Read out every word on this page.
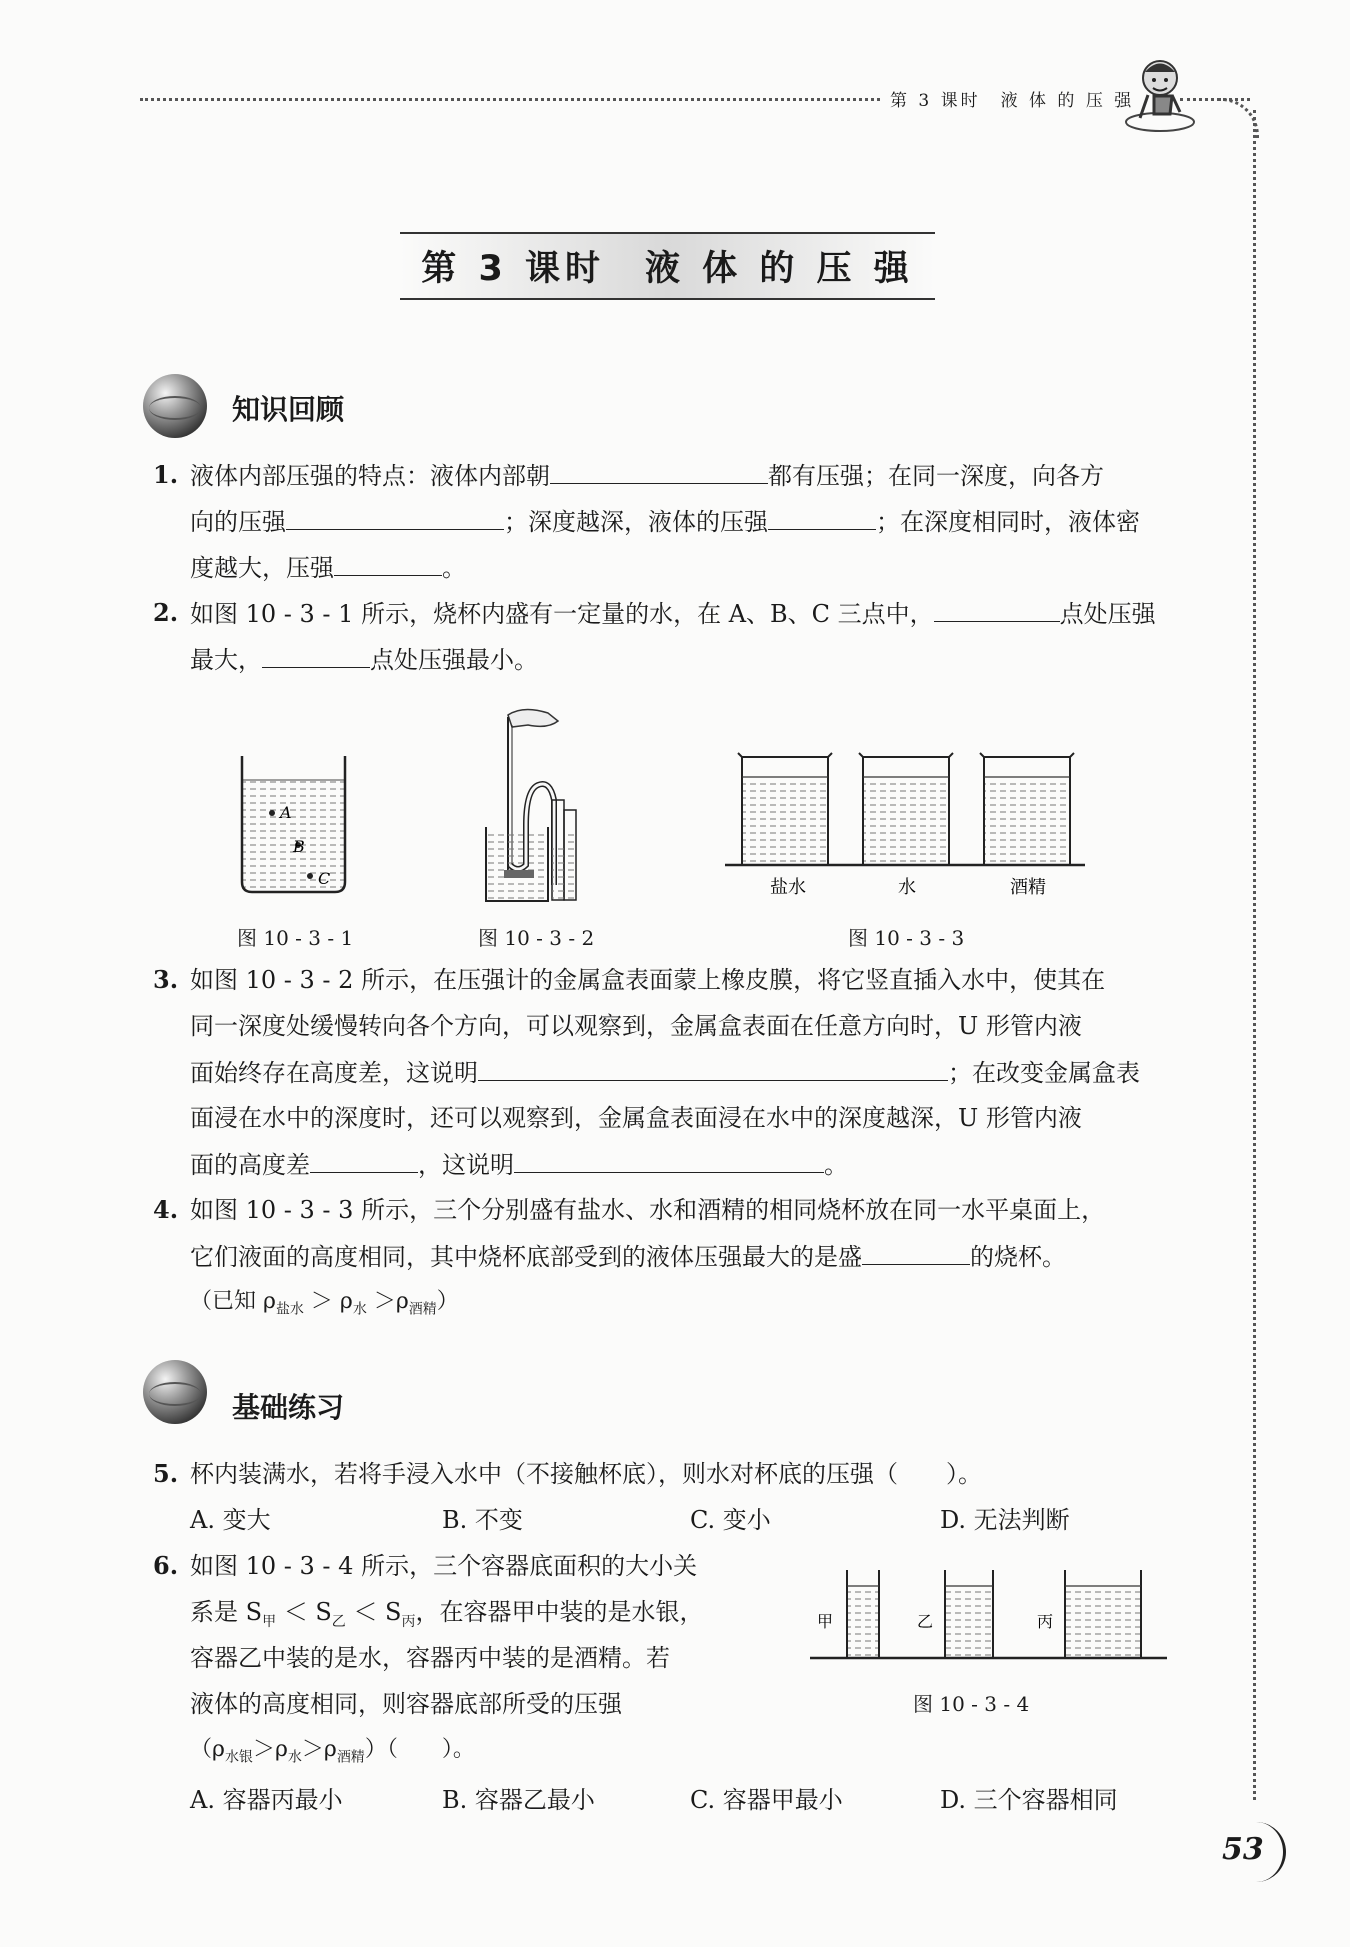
第 3 课时　液 体 的 压 强
第 3 课时　液 体 的 压 强
知识回顾
1. 液体内部压强的特点：液体内部朝	都有压强；在同一深度，向各方
向的压强	；深度越深，液体的压强	；在深度相同时，液体密
度越大，压强	。
2. 如图 10 - 3 - 1 所示，烧杯内盛有一定量的水，在 A、B、C 三点中，	点处压强
最大，	点处压强最小。
A
B
C
图 10 - 3 - 1	图 10 - 3 - 2
盐水	水	酒精
图 10 - 3 - 3
3. 如图 10 - 3 - 2 所示，在压强计的金属盒表面蒙上橡皮膜，将它竖直插入水中，使其在
同一深度处缓慢转向各个方向，可以观察到，金属盒表面在任意方向时，U 形管内液
面始终存在高度差，这说明	；在改变金属盒表
面浸在水中的深度时，还可以观察到，金属盒表面浸在水中的深度越深，U 形管内液
面的高度差	，这说明	。
4. 如图 10 - 3 - 3 所示，三个分别盛有盐水、水和酒精的相同烧杯放在同一水平桌面上，
它们液面的高度相同，其中烧杯底部受到的液体压强最大的是盛	的烧杯。
（已知 $\rho_{盐水} > \rho_水 >\rho_{酒精}$）
基础练习
5. 杯内装满水，若将手浸入水中（不接触杯底），则水对杯底的压强（　　）。
A. 变大	B. 不变	C. 变小	D. 无法判断
6. 如图 10 - 3 - 4 所示，三个容器底面积的大小关
系是 $S_甲 < S_乙 < S_丙$，在容器甲中装的是水银，
容器乙中装的是水，容器丙中装的是酒精。若
液体的高度相同，则容器底部所受的压强
$(\rho_{水银}>\rho_水>\rho_{酒精})$（　　）。
A. 容器丙最小	B. 容器乙最小	C. 容器甲最小	D. 三个容器相同
甲	乙	丙
图 10 - 3 - 4
53
